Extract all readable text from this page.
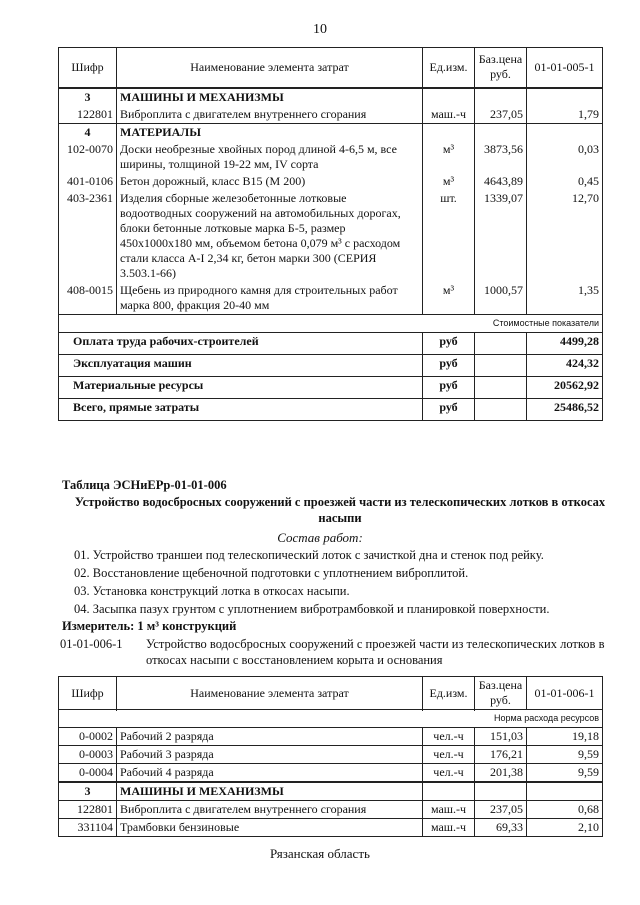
10
Шифр	Наименование элемента затрат	Ед.изм.	Баз.цена руб.	01-01-005-1
3	МАШИНЫ И МЕХАНИЗМЫ			
122801	Виброплита с двигателем внутреннего сгорания	маш.-ч	237,05	1,79
4	МАТЕРИАЛЫ			
102-0070	Доски необрезные хвойных пород длиной 4-6,5 м, все ширины, толщиной 19-22 мм, IV сорта	м³	3873,56	0,03
401-0106	Бетон дорожный, класс В15 (М 200)	м³	4643,89	0,45
403-2361	Изделия сборные железобетонные лотковые водоотводных сооружений на автомобильных дорогах, блоки бетонные лотковые марка Б-5, размер 450х1000х180 мм, объемом бетона 0,079 м³ с расходом стали класса А-I 2,34 кг, бетон марки 300 (СЕРИЯ 3.503.1-66)	шт.	1339,07	12,70
408-0015	Щебень из природного камня для строительных работ марка 800, фракция 20-40 мм	м³	1000,57	1,35
Стоимостные показатели				
Оплата труда рабочих-строителей		руб		4499,28
Эксплуатация машин		руб		424,32
Материальные ресурсы		руб		20562,92
Всего, прямые затраты		руб		25486,52
Таблица ЭСНиЕРр-01-01-006
Устройство водосбросных сооружений с проезжей части из телескопических лотков в откосах насыпи
Состав работ:
01. Устройство траншеи под телескопический лоток с зачисткой дна и стенок под рейку.
02. Восстановление щебеночной подготовки с уплотнением виброплитой.
03. Установка конструкций лотка в откосах насыпи.
04. Засыпка пазух грунтом с уплотнением вибротрамбовкой и планировкой поверхности.
Измеритель: 1 м³ конструкций
01-01-006-1 Устройство водосбросных сооружений с проезжей части из телескопических лотков в откосах насыпи с восстановлением корыта и основания
Шифр	Наименование элемента затрат	Ед.изм.	Баз.цена руб.	01-01-006-1

Норма расхода ресурсов				
0-0002	Рабочий 2 разряда	чел.-ч	151,03	19,18
0-0003	Рабочий 3 разряда	чел.-ч	176,21	9,59
0-0004	Рабочий 4 разряда	чел.-ч	201,38	9,59
3	МАШИНЫ И МЕХАНИЗМЫ			
122801	Виброплита с двигателем внутреннего сгорания	маш.-ч	237,05	0,68
331104	Трамбовки бензиновые	маш.-ч	69,33	2,10
Рязанская область
